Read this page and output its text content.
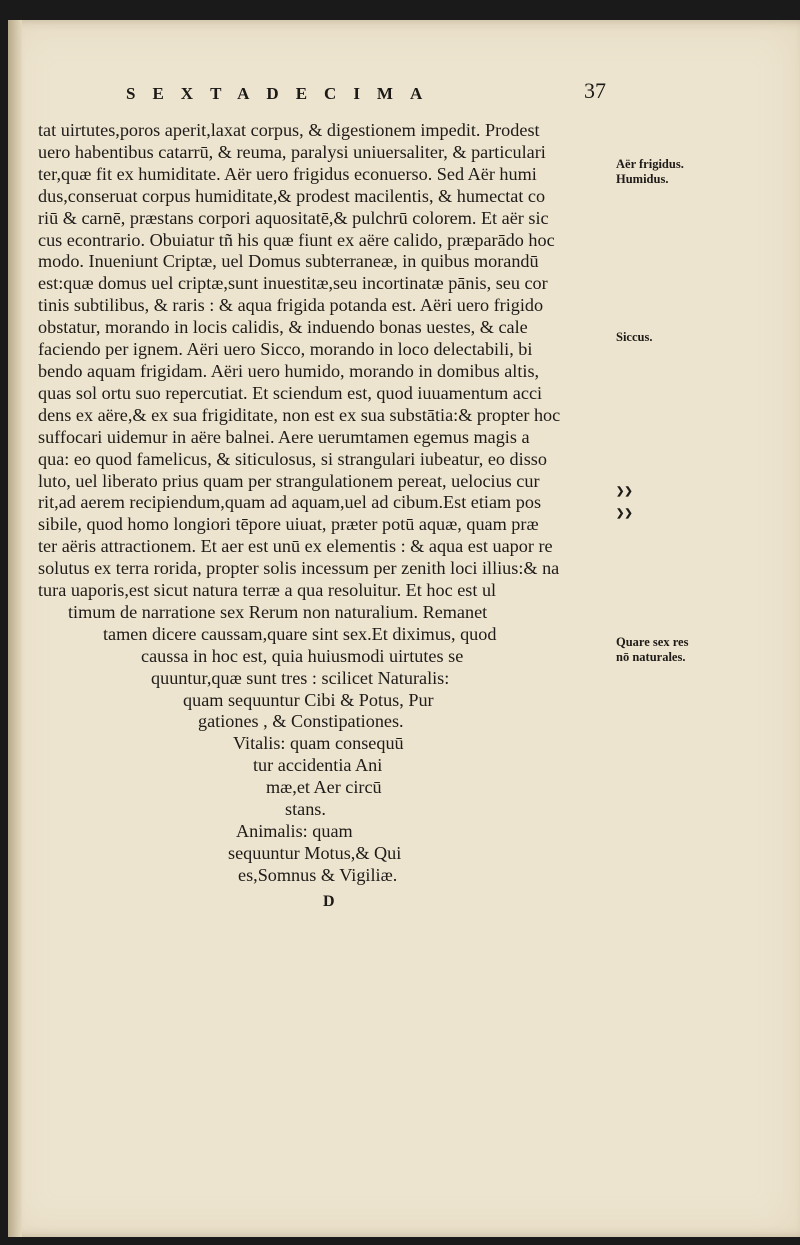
SEXTADECIMA	37
tat uirtutes,poros aperit,laxat corpus, & digestionem impedit. Prodest
uero habentibus catarrū, & reuma, paralysi uniuersaliter, & particulari
ter,quæ fit ex humiditate. Aër uero frigidus econuerso. Sed Aër humi
dus,conseruat corpus humiditate,& prodest macilentis, & humectat co
riū & carnē, præstans corpori aquositatē,& pulchrū colorem. Et aër sic
cus econtrario. Obuiatur tñ his quæ fiunt ex aëre calido, præparādo hoc
modo. Inueniunt Criptæ, uel Domus subterraneæ, in quibus morandū
est:quæ domus uel criptæ,sunt inuestitæ,seu incortinatæ pānis, seu cor
tinis subtilibus, & raris : & aqua frigida potanda est. Aëri uero frigido
obstatur, morando in locis calidis, & induendo bonas uestes, & cale
faciendo per ignem. Aëri uero Sicco, morando in loco delectabili, bi
bendo aquam frigidam. Aëri uero humido, morando in domibus altis,
quas sol ortu suo repercutiat. Et sciendum est, quod iuuamentum acci
dens ex aëre,& ex sua frigiditate, non est ex sua substātia:& propter hoc
suffocari uidemur in aëre balnei. Aere uerumtamen egemus magis a
qua: eo quod famelicus, & siticulosus, si strangulari iubeatur, eo disso
luto, uel liberato prius quam per strangulationem pereat, uelocius cur
rit,ad aerem recipiendum,quam ad aquam,uel ad cibum.Est etiam pos
sibile, quod homo longiori tēpore uiuat, præter potū aquæ, quam præ
ter aëris attractionem. Et aer est unū ex elementis : & aqua est uapor re
solutus ex terra rorida, propter solis incessum per zenith loci illius:& na
tura uaporis,est sicut natura terræ a qua resoluitur. Et hoc est ul
timum de narratione sex Rerum non naturalium. Remanet
tamen dicere caussam,quare sint sex.Et diximus, quod
caussa in hoc est, quia huiusmodi uirtutes se
quuntur,quæ sunt tres : scilicet Naturalis:
quam sequuntur Cibi & Potus, Pur
gationes , & Constipationes.
Vitalis: quam consequū
tur accidentia Ani
mæ,et Aer circū
stans.
Animalis: quam
sequuntur Motus,& Qui
es,Somnus & Vigiliæ.
D
Aër frigidus.
Humidus.
Siccus.
❯❯
❯❯
Quare sex res
nō naturales.
